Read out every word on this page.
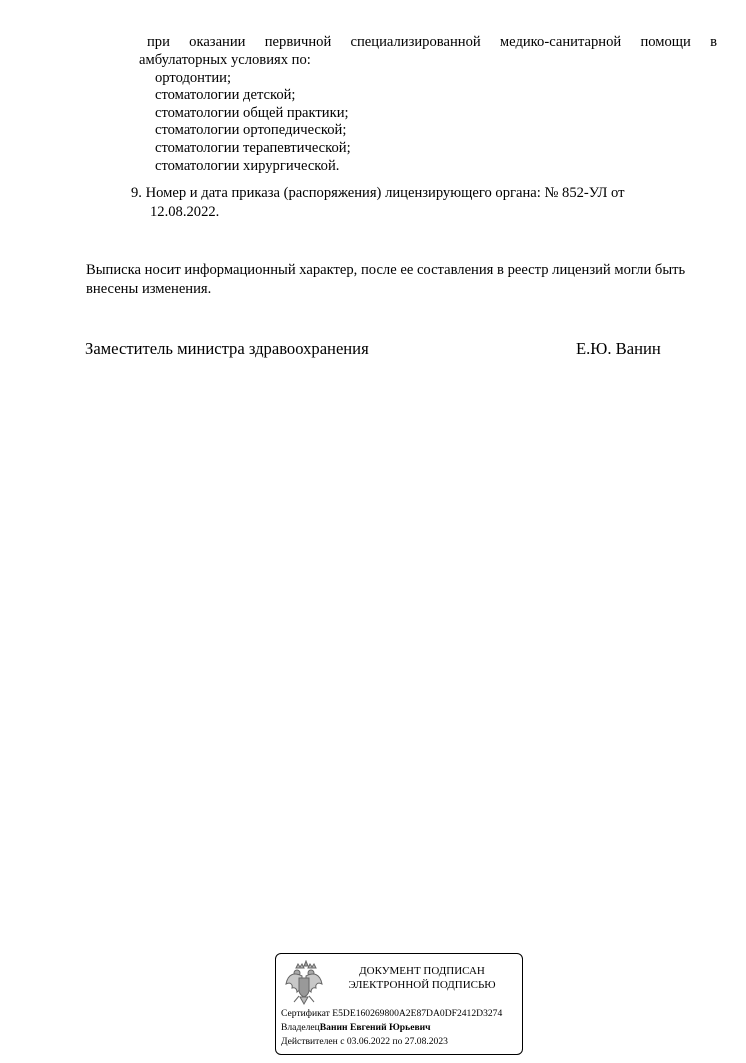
при оказании первичной специализированной медико-санитарной помощи в
амбулаторных условиях по:
ортодонтии;
стоматологии детской;
стоматологии общей практики;
стоматологии ортопедической;
стоматологии терапевтической;
стоматологии хирургической.
9. Номер и дата приказа (распоряжения) лицензирующего органа: № 852-УЛ от
12.08.2022.
Выписка носит информационный характер, после ее составления в реестр лицензий могли быть
внесены изменения.
Заместитель министра здравоохранения	Е.Ю. Ванин
ДОКУМЕНТ ПОДПИСАН
ЭЛЕКТРОННОЙ ПОДПИСЬЮ
Сертификат E5DE160269800A2E87DA0DF2412D3274
ВладелецВанин Евгений Юрьевич
Действителен с 03.06.2022 по 27.08.2023
